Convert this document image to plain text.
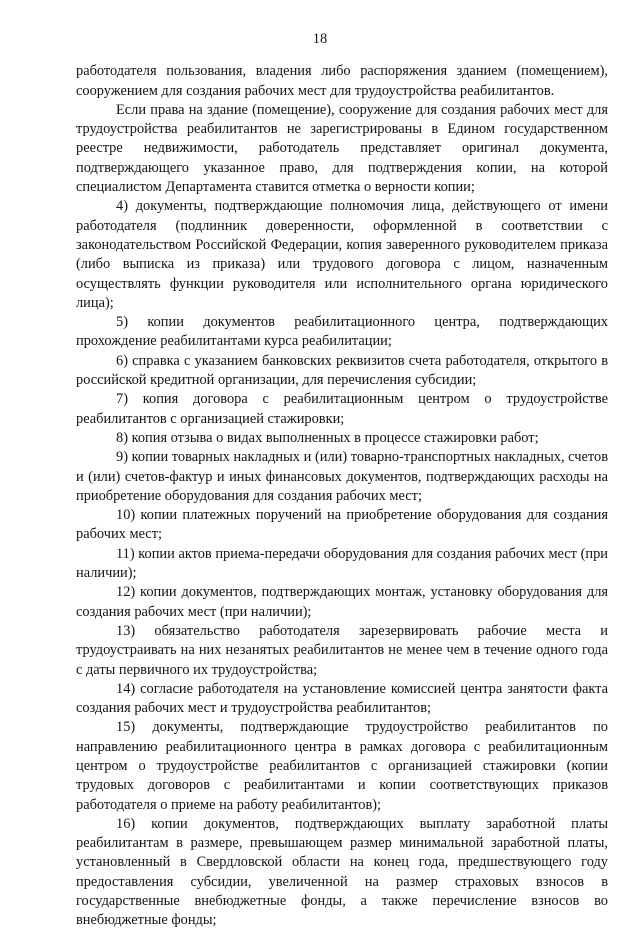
18

работодателя пользования, владения либо распоряжения зданием (помещением), сооружением для создания рабочих мест для трудоустройства реабилитантов.

Если права на здание (помещение), сооружение для создания рабочих мест для трудоустройства реабилитантов не зарегистрированы в Едином государственном реестре недвижимости, работодатель представляет оригинал документа, подтверждающего указанное право, для подтверждения копии, на которой специалистом Департамента ставится отметка о верности копии;

4) документы, подтверждающие полномочия лица, действующего от имени работодателя (подлинник доверенности, оформленной в соответствии с законодательством Российской Федерации, копия заверенного руководителем приказа (либо выписка из приказа) или трудового договора с лицом, назначенным осуществлять функции руководителя или исполнительного органа юридического лица);

5) копии документов реабилитационного центра, подтверждающих прохождение реабилитантами курса реабилитации;

6) справка с указанием банковских реквизитов счета работодателя, открытого в российской кредитной организации, для перечисления субсидии;

7) копия договора с реабилитационным центром о трудоустройстве реабилитантов с организацией стажировки;

8) копия отзыва о видах выполненных в процессе стажировки работ;

9) копии товарных накладных и (или) товарно-транспортных накладных, счетов и (или) счетов-фактур и иных финансовых документов, подтверждающих расходы на приобретение оборудования для создания рабочих мест;

10) копии платежных поручений на приобретение оборудования для создания рабочих мест;

11) копии актов приема-передачи оборудования для создания рабочих мест (при наличии);

12) копии документов, подтверждающих монтаж, установку оборудования для создания рабочих мест (при наличии);

13) обязательство работодателя зарезервировать рабочие места и трудоустраивать на них незанятых реабилитантов не менее чем в течение одного года с даты первичного их трудоустройства;

14) согласие работодателя на установление комиссией центра занятости факта создания рабочих мест и трудоустройства реабилитантов;

15) документы, подтверждающие трудоустройство реабилитантов по направлению реабилитационного центра в рамках договора с реабилитационным центром о трудоустройстве реабилитантов с организацией стажировки (копии трудовых договоров с реабилитантами и копии соответствующих приказов работодателя о приеме на работу реабилитантов);

16) копии документов, подтверждающих выплату заработной платы реабилитантам в размере, превышающем размер минимальной заработной платы, установленный в Свердловской области на конец года, предшествующего году предоставления субсидии, увеличенной на размер страховых взносов в государственные внебюджетные фонды, а также перечисление взносов во внебюджетные фонды;
